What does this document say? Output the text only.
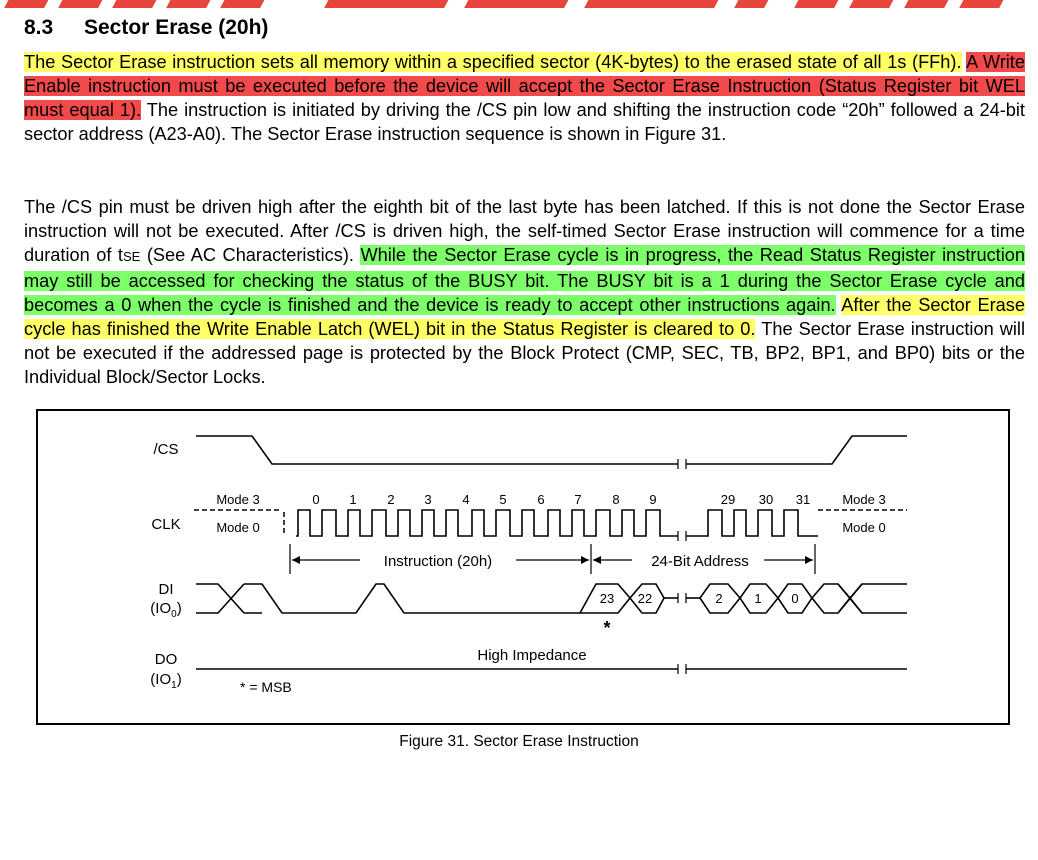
8.3 Sector Erase (20h)
The Sector Erase instruction sets all memory within a specified sector (4K-bytes) to the erased state of all 1s (FFh). A Write Enable instruction must be executed before the device will accept the Sector Erase Instruction (Status Register bit WEL must equal 1). The instruction is initiated by driving the /CS pin low and shifting the instruction code “20h” followed a 24-bit sector address (A23-A0). The Sector Erase instruction sequence is shown in Figure 31.
The /CS pin must be driven high after the eighth bit of the last byte has been latched. If this is not done the Sector Erase instruction will not be executed. After /CS is driven high, the self-timed Sector Erase instruction will commence for a time duration of tSE (See AC Characteristics). While the Sector Erase cycle is in progress, the Read Status Register instruction may still be accessed for checking the status of the BUSY bit. The BUSY bit is a 1 during the Sector Erase cycle and becomes a 0 when the cycle is finished and the device is ready to accept other instructions again. After the Sector Erase cycle has finished the Write Enable Latch (WEL) bit in the Status Register is cleared to 0. The Sector Erase instruction will not be executed if the addressed page is protected by the Block Protect (CMP, SEC, TB, BP2, BP1, and BP0) bits or the Individual Block/Sector Locks.
/CS
CLK
DI
$(IO_0)$
DO
$(IO_1)$
Mode 3
Mode 0
Mode 3
Mode 0
0 1 2 3 4 5 6 7 8 9	29 30 31
Instruction (20h)	24-Bit Address
23 22	2 1 0
*
High Impedance
* = MSB
Figure 31. Sector Erase Instruction
